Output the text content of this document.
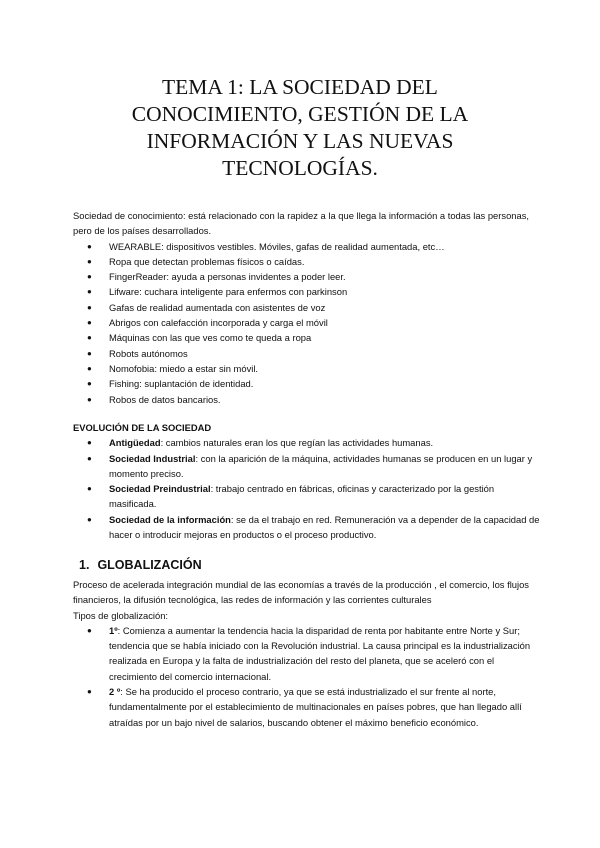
TEMA 1: LA SOCIEDAD DEL
CONOCIMIENTO, GESTIÓN DE LA
INFORMACIÓN Y LAS NUEVAS
TECNOLOGÍAS.

Sociedad de conocimiento: está relacionado con la rapidez a la que llega la información a todas las personas, pero de los países desarrollados.

● WEARABLE: dispositivos vestibles. Móviles, gafas de realidad aumentada, etc…
● Ropa que detectan problemas físicos o caídas.
● FingerReader: ayuda a personas invidentes a poder leer.
● Lifware: cuchara inteligente para enfermos con parkinson
● Gafas de realidad aumentada con asistentes de voz
● Abrigos con calefacción incorporada y carga el móvil
● Máquinas con las que ves como te queda a ropa
● Robots autónomos
● Nomofobia: miedo a estar sin móvil.
● Fishing: suplantación de identidad.
● Robos de datos bancarios.

EVOLUCIÓN DE LA SOCIEDAD

● Antigüedad: cambios naturales eran los que regían las actividades humanas.
● Sociedad Industrial: con la aparición de la máquina, actividades humanas se producen en un lugar y momento preciso.
● Sociedad Preindustrial: trabajo centrado en fábricas, oficinas y caracterizado por la gestión masificada.
● Sociedad de la información: se da el trabajo en red. Remuneración va a depender de la capacidad de hacer o introducir mejoras en productos o el proceso productivo.

1. GLOBALIZACIÓN

Proceso de acelerada integración mundial de las economías a través de la producción , el comercio, los flujos financieros, la difusión tecnológica, las redes de información y las corrientes culturales

Tipos de globalización:

● 1º: Comienza a aumentar la tendencia hacia la disparidad de renta por habitante entre Norte y Sur; tendencia que se había iniciado con la Revolución industrial. La causa principal es la industrialización realizada en Europa y la falta de industrialización del resto del planeta, que se aceleró con el crecimiento del comercio internacional.
● 2 º: Se ha producido el proceso contrario, ya que se está industrializado el sur frente al norte, fundamentalmente por el establecimiento de multinacionales en países pobres, que han llegado allí atraídas por un bajo nivel de salarios, buscando obtener el máximo beneficio económico.
